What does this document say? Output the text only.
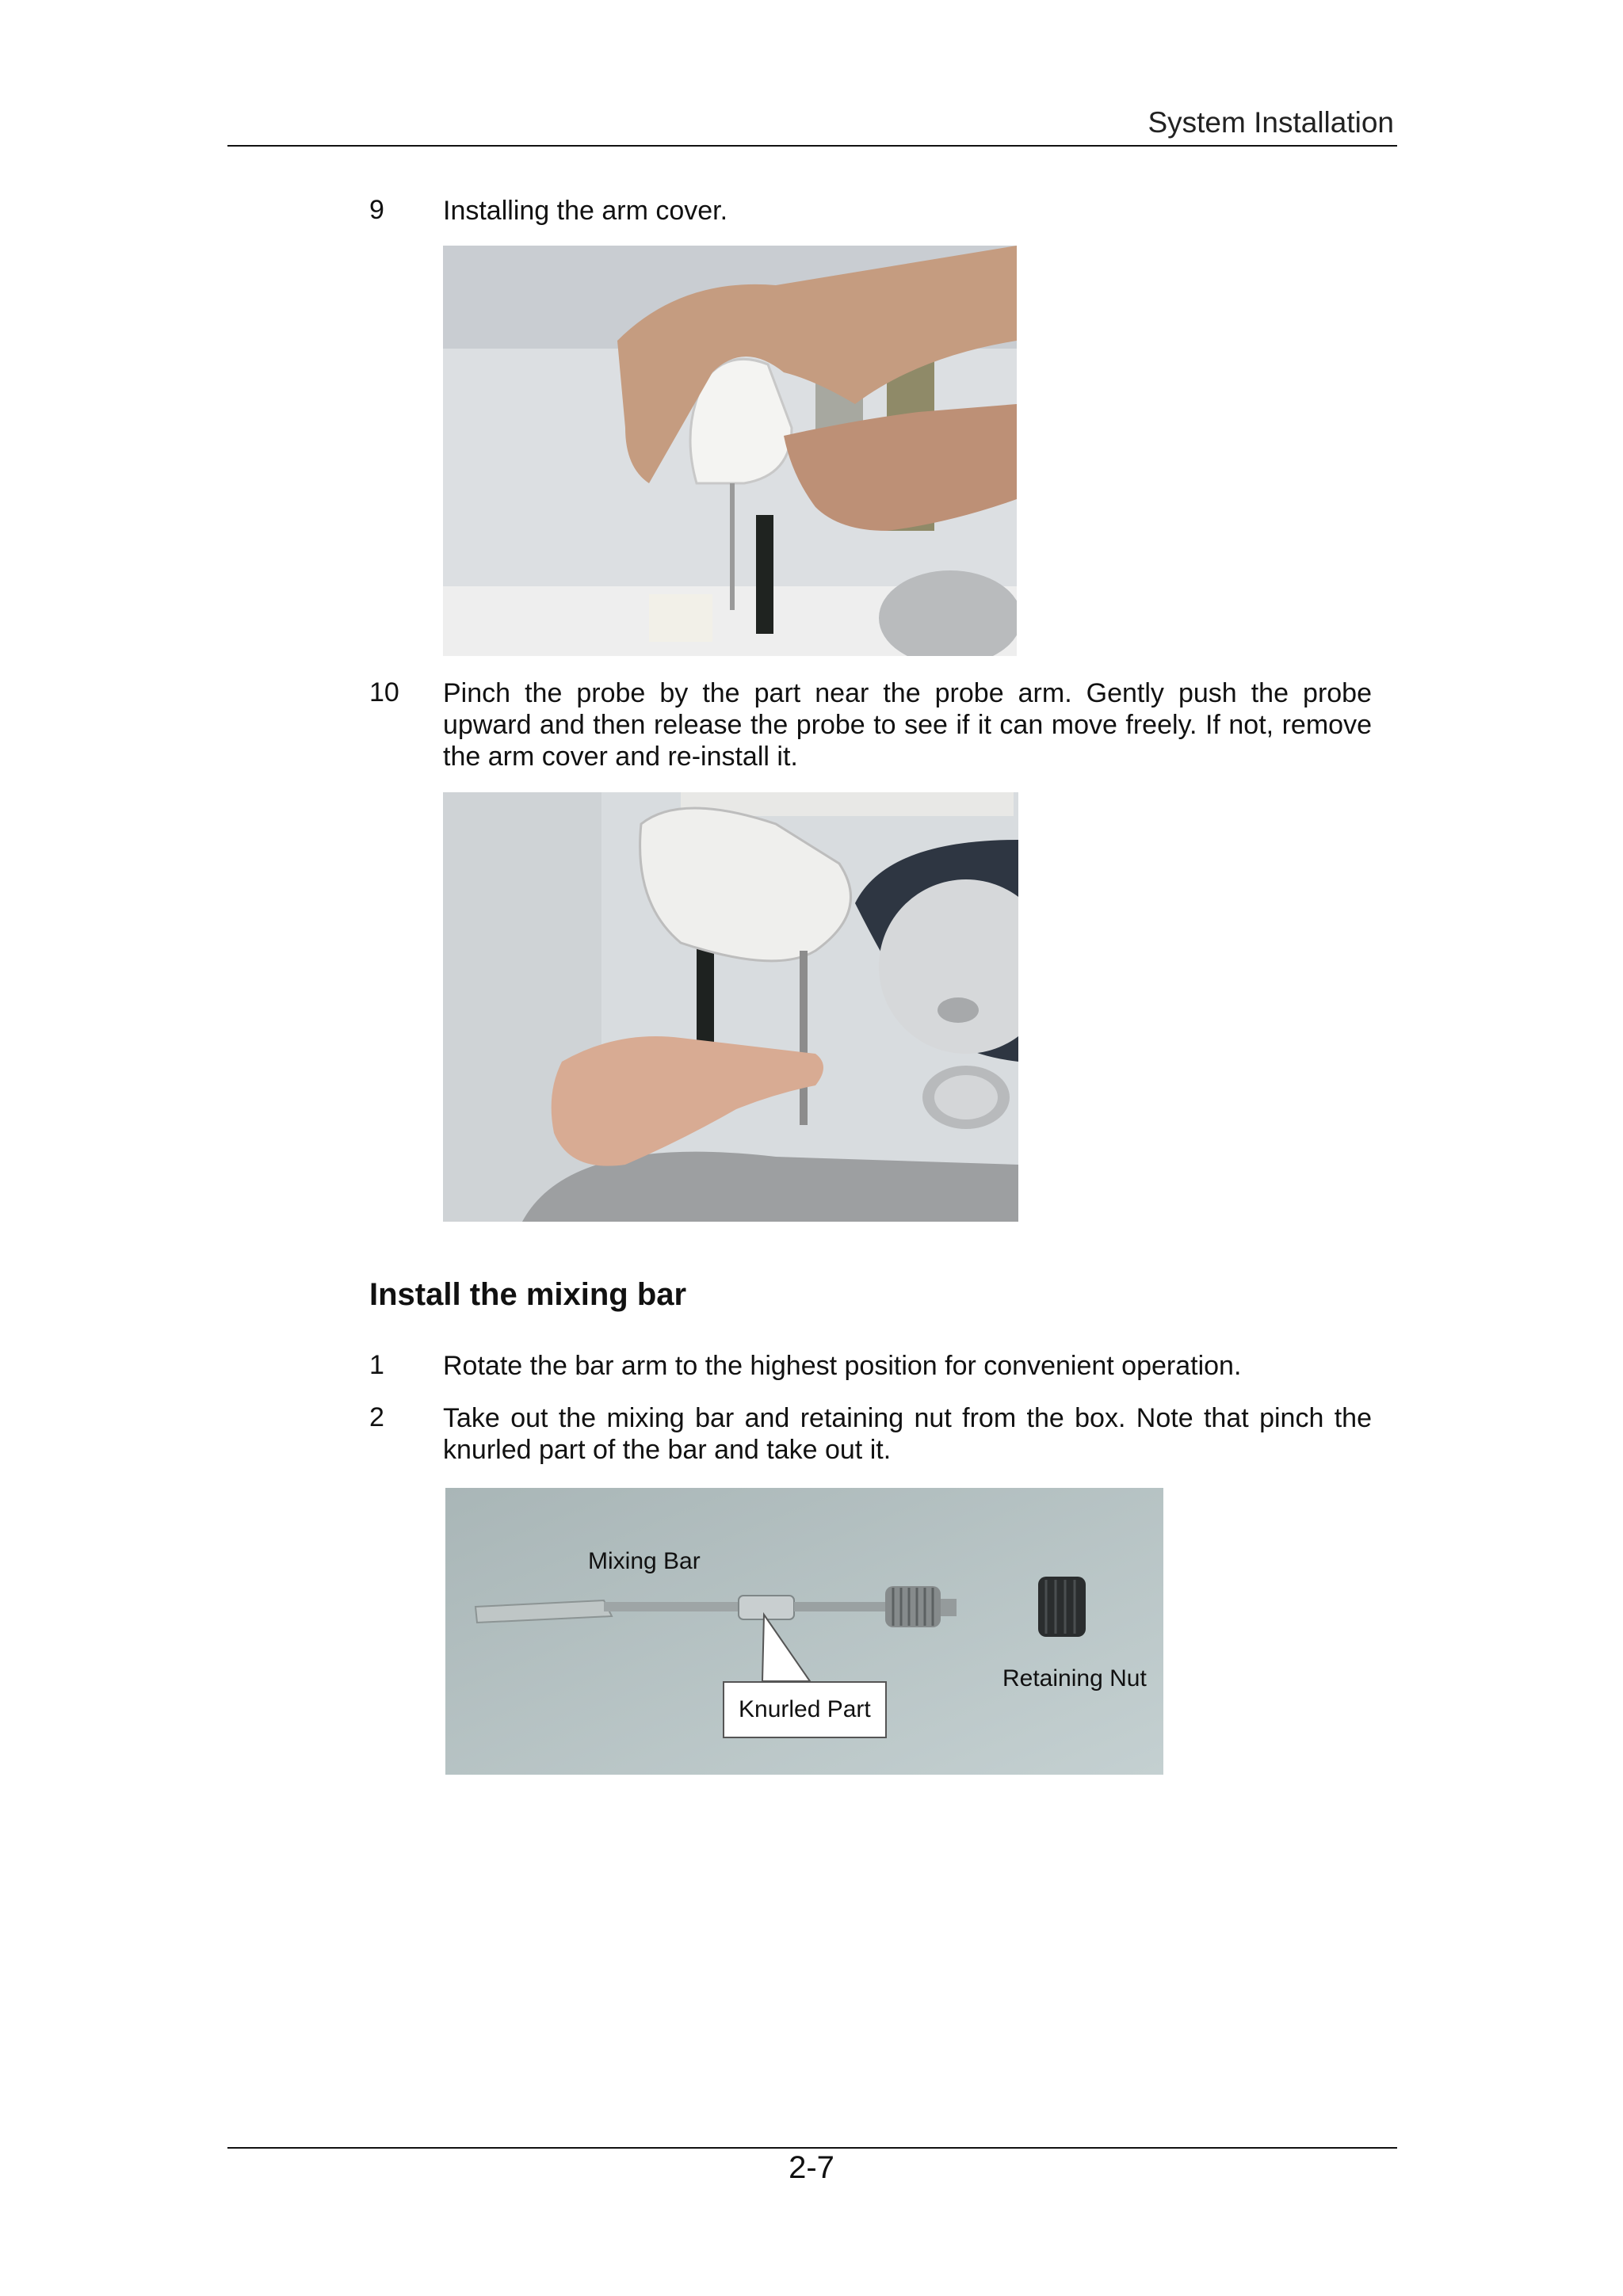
System Installation
9 Installing the arm cover.
10 Pinch the probe by the part near the probe arm. Gently push the probe upward and then release the probe to see if it can move freely. If not, remove the arm cover and re-install it.
Install the mixing bar
1 Rotate the bar arm to the highest position for convenient operation.
2 Take out the mixing bar and retaining nut from the box. Note that pinch the knurled part of the bar and take out it.
Mixing Bar
Knurled Part
Retaining Nut
2-7
